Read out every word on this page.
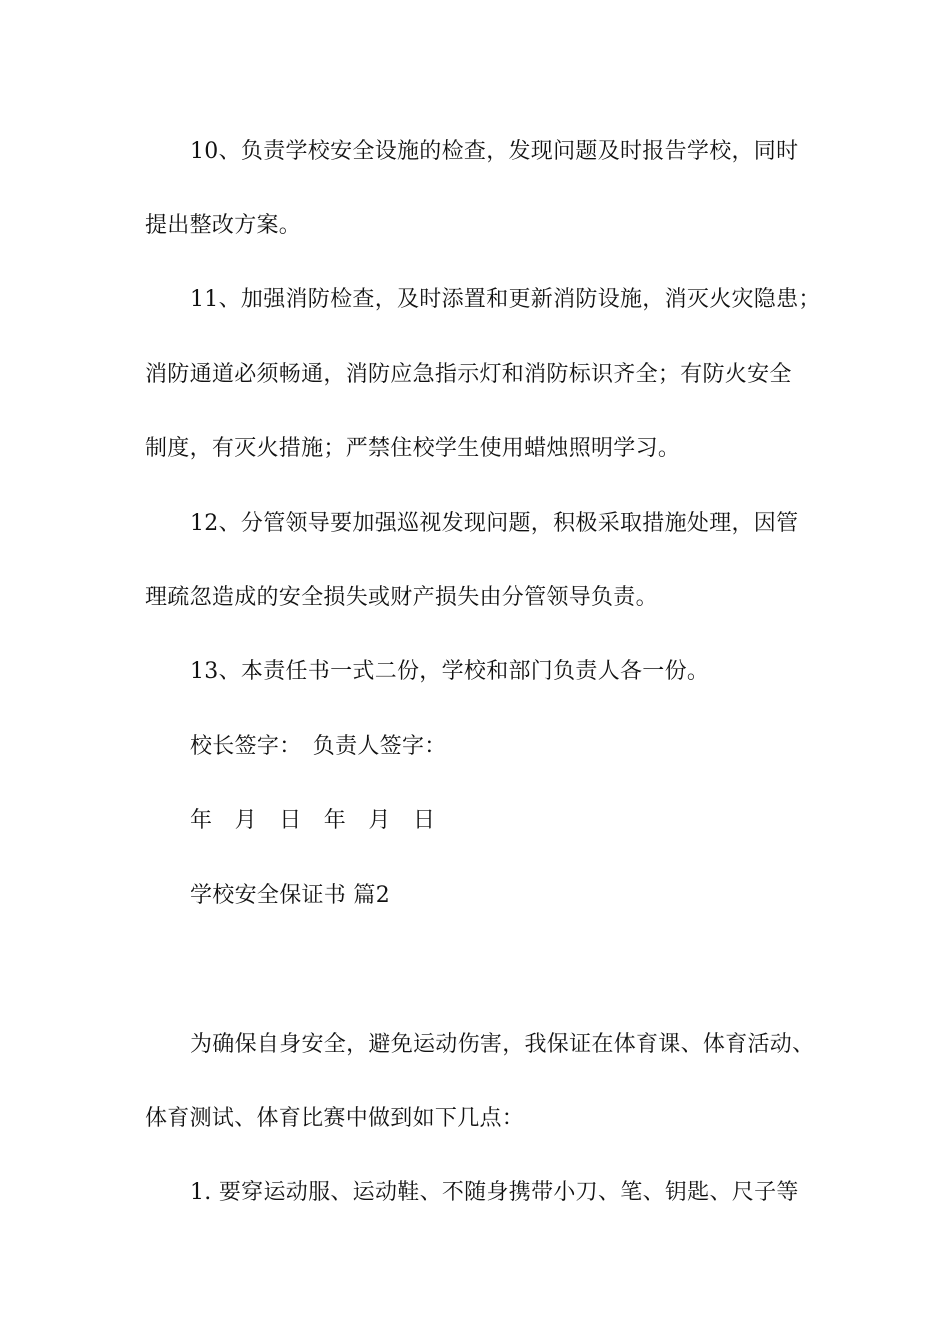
10、负责学校安全设施的检查，发现问题及时报告学校，同时
提出整改方案。
11、加强消防检查，及时添置和更新消防设施，消灭火灾隐患；
消防通道必须畅通，消防应急指示灯和消防标识齐全；有防火安全
制度，有灭火措施；严禁住校学生使用蜡烛照明学习。
12、分管领导要加强巡视发现问题，积极采取措施处理，因管
理疏忽造成的安全损失或财产损失由分管领导负责。
13、本责任书一式二份，学校和部门负责人各一份。
校长签字：　负责人签字：
年　月　日　年　月　日
学校安全保证书 篇2
为确保自身安全，避免运动伤害，我保证在体育课、体育活动、
体育测试、体育比赛中做到如下几点：
1. 要穿运动服、运动鞋、不随身携带小刀、笔、钥匙、尺子等
